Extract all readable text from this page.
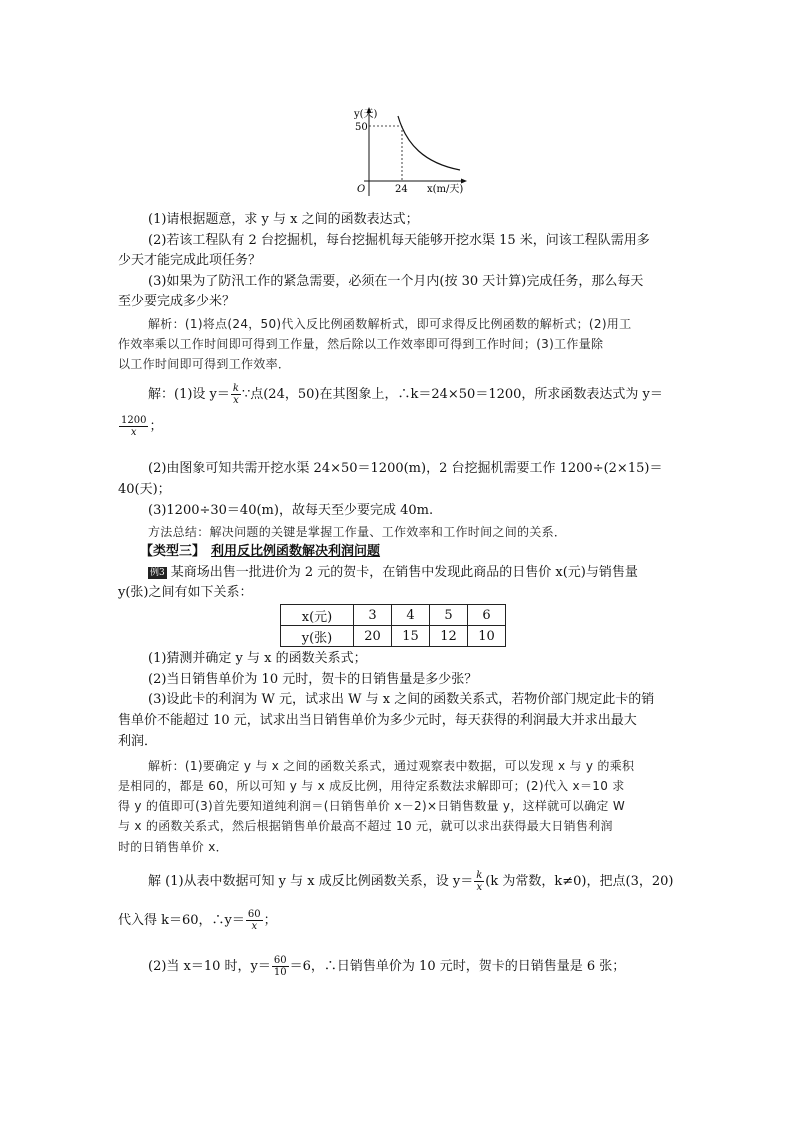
y(天)
50
O	24 x(m/天)
(1)请根据题意，求 y 与 x 之间的函数表达式；
(2)若该工程队有 2 台挖掘机，每台挖掘机每天能够开挖水渠 15 米，问该工程队需用多
少天才能完成此项任务？
(3)如果为了防汛工作的紧急需要，必须在一个月内(按 30 天计算)完成任务，那么每天
至少要完成多少米？
解析：(1)将点(24，50)代入反比例函数解析式，即可求得反比例函数的解析式；(2)用工
作效率乘以工作时间即可得到工作量，然后除以工作效率即可得到工作时间；(3)工作量除
以工作时间即可得到工作效率．
解：(1)设 $y= \frac{k}{x}$ ∵点(24，50)在其图象上，∴k＝24×50＝1200，所求函数表达式为 y＝
$\frac{1200}{x}$ ；
(2)由图象可知共需开挖水渠 24×50＝1200(m)，2 台挖掘机需要工作 1200÷(2×15)＝
40(天)；
(3)1200÷30＝40(m)，故每天至少要完成 40m.
方法总结：解决问题的关键是掌握工作量、工作效率和工作时间之间的关系．
【类型三】 利用反比例函数解决利润问题
例3 某商场出售一批进价为 2 元的贺卡，在销售中发现此商品的日售价 x(元)与销售量
y(张)之间有如下关系：
x(元)	3	4	5	6
y(张)	20	15	12	10
(1)猜测并确定 y 与 x 的函数关系式；
(2)当日销售单价为 10 元时，贺卡的日销售量是多少张？
(3)设此卡的利润为 W 元，试求出 W 与 x 之间的函数关系式，若物价部门规定此卡的销
售单价不能超过 10 元，试求出当日销售单价为多少元时，每天获得的利润最大并求出最大
利润．
解析：(1)要确定 y 与 x 之间的函数关系式，通过观察表中数据，可以发现 x 与 y 的乘积
是相同的，都是 60，所以可知 y 与 x 成反比例，用待定系数法求解即可；(2)代入 x＝10 求
得 y 的值即可(3)首先要知道纯利润＝(日销售单价 x－2)×日销售数量 y，这样就可以确定 W
与 x 的函数关系式，然后根据销售单价最高不超过 10 元，就可以求出获得最大日销售利润
时的日销售单价 x．
解 (1)从表中数据可知 y 与 x 成反比例函数关系，设 $y= \frac{k}{x} (k$ 为常数，k≠0)，把点(3，20)
代入得 k＝60，∴y＝ $\frac{60}{x}$ ；
(2)当 x＝10 时，$y= \frac{60}{10} =6$，∴日销售单价为 10 元时，贺卡的日销售量是 6 张；
